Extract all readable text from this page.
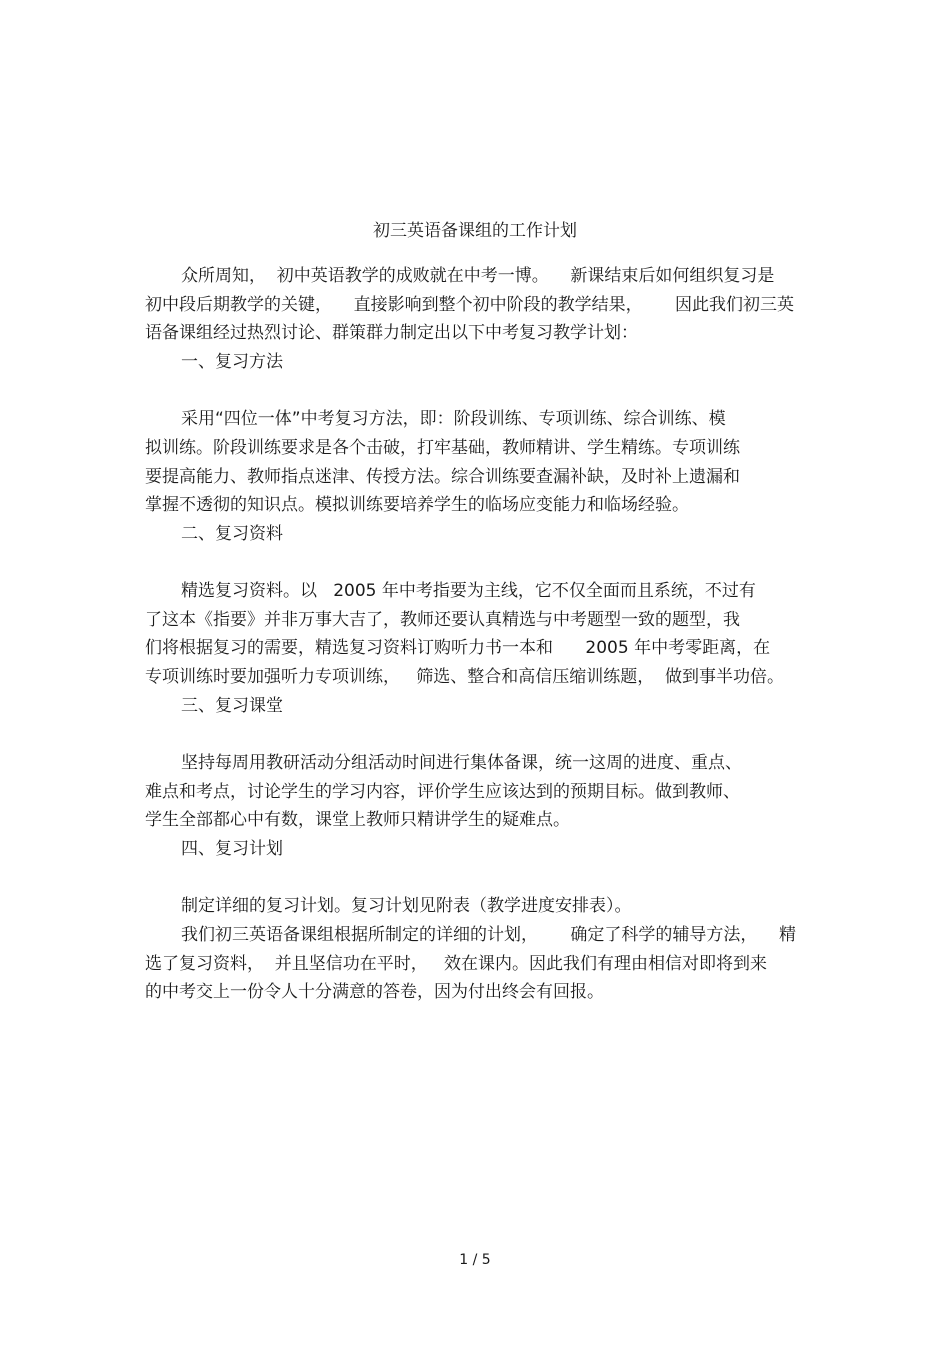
初三英语备课组的工作计划
众所周知，  初中英语教学的成败就在中考一博。    新课结束后如何组织复习是
初中段后期教学的关键，    直接影响到整个初中阶段的教学结果，      因此我们初三英
语备课组经过热烈讨论、群策群力制定出以下中考复习教学计划：
一、复习方法
采用“四位一体”中考复习方法，即：阶段训练、专项训练、综合训练、模
拟训练。阶段训练要求是各个击破，打牢基础，教师精讲、学生精练。专项训练
要提高能力、教师指点迷津、传授方法。综合训练要查漏补缺，及时补上遗漏和
掌握不透彻的知识点。模拟训练要培养学生的临场应变能力和临场经验。
二、复习资料
精选复习资料。以   2005 年中考指要为主线，它不仅全面而且系统，不过有
了这本《指要》并非万事大吉了，教师还要认真精选与中考题型一致的题型，我
们将根据复习的需要，精选复习资料订购听力书一本和      2005 年中考零距离，在
专项训练时要加强听力专项训练，   筛选、整合和高信压缩训练题，  做到事半功倍。
三、复习课堂
坚持每周用教研活动分组活动时间进行集体备课，统一这周的进度、重点、
难点和考点，讨论学生的学习内容，评价学生应该达到的预期目标。做到教师、
学生全部都心中有数，课堂上教师只精讲学生的疑难点。
四、复习计划
制定详细的复习计划。复习计划见附表（教学进度安排表）。
我们初三英语备课组根据所制定的详细的计划，      确定了科学的辅导方法，    精
选了复习资料，  并且坚信功在平时，   效在课内。因此我们有理由相信对即将到来
的中考交上一份令人十分满意的答卷，因为付出终会有回报。
1 / 5
